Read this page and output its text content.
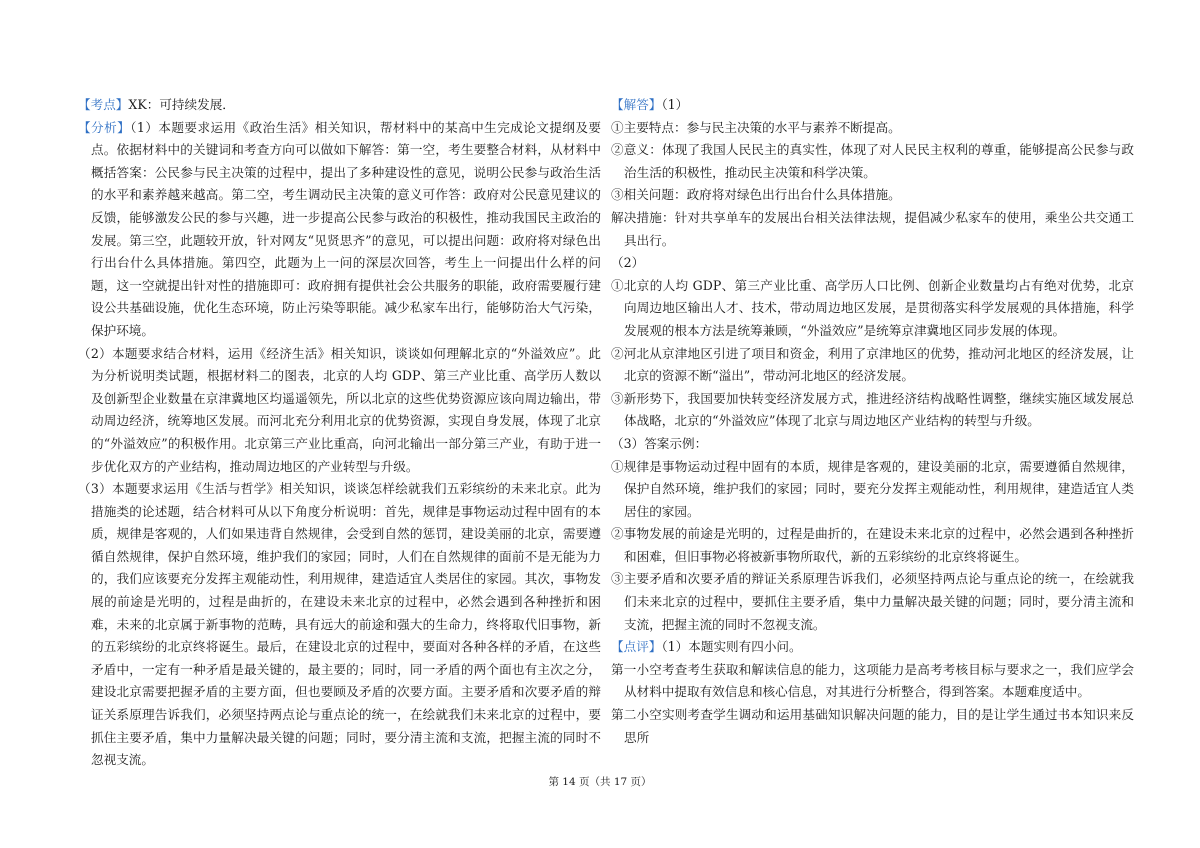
【考点】XK：可持续发展．

【分析】（1）本题要求运用《政治生活》相关知识，帮材料中的某高中生完成论文提纲及要点。依据材料中的关键词和考查方向可以做如下解答：第一空，考生要整合材料，从材料中概括答案：公民参与民主决策的过程中，提出了多种建设性的意见，说明公民参与政治生活的水平和素养越来越高。第二空，考生调动民主决策的意义可作答：政府对公民意见建议的反馈，能够激发公民的参与兴趣，进一步提高公民参与政治的积极性，推动我国民主政治的发展。第三空，此题较开放，针对网友“见贤思齐”的意见，可以提出问题：政府将对绿色出行出台什么具体措施。第四空，此题为上一问的深层次回答，考生上一问提出什么样的问题，这一空就提出针对性的措施即可：政府拥有提供社会公共服务的职能，政府需要履行建设公共基础设施，优化生态环境，防止污染等职能。减少私家车出行，能够防治大气污染，保护环境。

（2）本题要求结合材料，运用《经济生活》相关知识，谈谈如何理解北京的“外溢效应”。此为分析说明类试题，根据材料二的图表，北京的人均 GDP、第三产业比重、高学历人数以及创新型企业数量在京津冀地区均遥遥领先，所以北京的这些优势资源应该向周边输出，带动周边经济，统筹地区发展。而河北充分利用北京的优势资源，实现自身发展，体现了北京的“外溢效应”的积极作用。北京第三产业比重高，向河北输出一部分第三产业，有助于进一步优化双方的产业结构，推动周边地区的产业转型与升级。

（3）本题要求运用《生活与哲学》相关知识，谈谈怎样绘就我们五彩缤纷的未来北京。此为措施类的论述题，结合材料可从以下角度分析说明：首先，规律是事物运动过程中固有的本质，规律是客观的，人们如果违背自然规律，会受到自然的惩罚，建设美丽的北京，需要遵循自然规律，保护自然环境，维护我们的家园；同时，人们在自然规律的面前不是无能为力的，我们应该要充分发挥主观能动性，利用规律，建造适宜人类居住的家园。其次，事物发展的前途是光明的，过程是曲折的，在建设未来北京的过程中，必然会遇到各种挫折和困难，未来的北京属于新事物的范畴，具有远大的前途和强大的生命力，终将取代旧事物，新的五彩缤纷的北京终将诞生。最后，在建设北京的过程中，要面对各种各样的矛盾，在这些矛盾中，一定有一种矛盾是最关键的，最主要的；同时，同一矛盾的两个面也有主次之分，建设北京需要把握矛盾的主要方面，但也要顾及矛盾的次要方面。主要矛盾和次要矛盾的辩证关系原理告诉我们，必须坚持两点论与重点论的统一，在绘就我们未来北京的过程中，要抓住主要矛盾，集中力量解决最关键的问题；同时，要分清主流和支流，把握主流的同时不忽视支流。

【解答】（1）

①主要特点：参与民主决策的水平与素养不断提高。

②意义：体现了我国人民民主的真实性，体现了对人民民主权利的尊重，能够提高公民参与政治生活的积极性，推动民主决策和科学决策。

③相关问题：政府将对绿色出行出台什么具体措施。

解决措施：针对共享单车的发展出台相关法律法规，提倡减少私家车的使用，乘坐公共交通工具出行。

（2）

①北京的人均 GDP、第三产业比重、高学历人口比例、创新企业数量均占有绝对优势，北京向周边地区输出人才、技术，带动周边地区发展，是贯彻落实科学发展观的具体措施，科学发展观的根本方法是统筹兼顾，“外溢效应”是统筹京津冀地区同步发展的体现。

②河北从京津地区引进了项目和资金，利用了京津地区的优势，推动河北地区的经济发展，让北京的资源不断“溢出”，带动河北地区的经济发展。

③新形势下，我国要加快转变经济发展方式，推进经济结构战略性调整，继续实施区域发展总体战略，北京的“外溢效应”体现了北京与周边地区产业结构的转型与升级。

（3）答案示例：

①规律是事物运动过程中固有的本质，规律是客观的，建设美丽的北京，需要遵循自然规律，保护自然环境，维护我们的家园；同时，要充分发挥主观能动性，利用规律，建造适宜人类居住的家园。

②事物发展的前途是光明的，过程是曲折的，在建设未来北京的过程中，必然会遇到各种挫折和困难，但旧事物必将被新事物所取代，新的五彩缤纷的北京终将诞生。

③主要矛盾和次要矛盾的辩证关系原理告诉我们，必须坚持两点论与重点论的统一，在绘就我们未来北京的过程中，要抓住主要矛盾，集中力量解决最关键的问题；同时，要分清主流和支流，把握主流的同时不忽视支流。

【点评】（1）本题实则有四小问。

第一小空考查考生获取和解读信息的能力，这项能力是高考考核目标与要求之一，我们应学会从材料中提取有效信息和核心信息，对其进行分析整合，得到答案。本题难度适中。

第二小空实则考查学生调动和运用基础知识解决问题的能力，目的是让学生通过书本知识来反思所

第 14 页（共 17 页）
